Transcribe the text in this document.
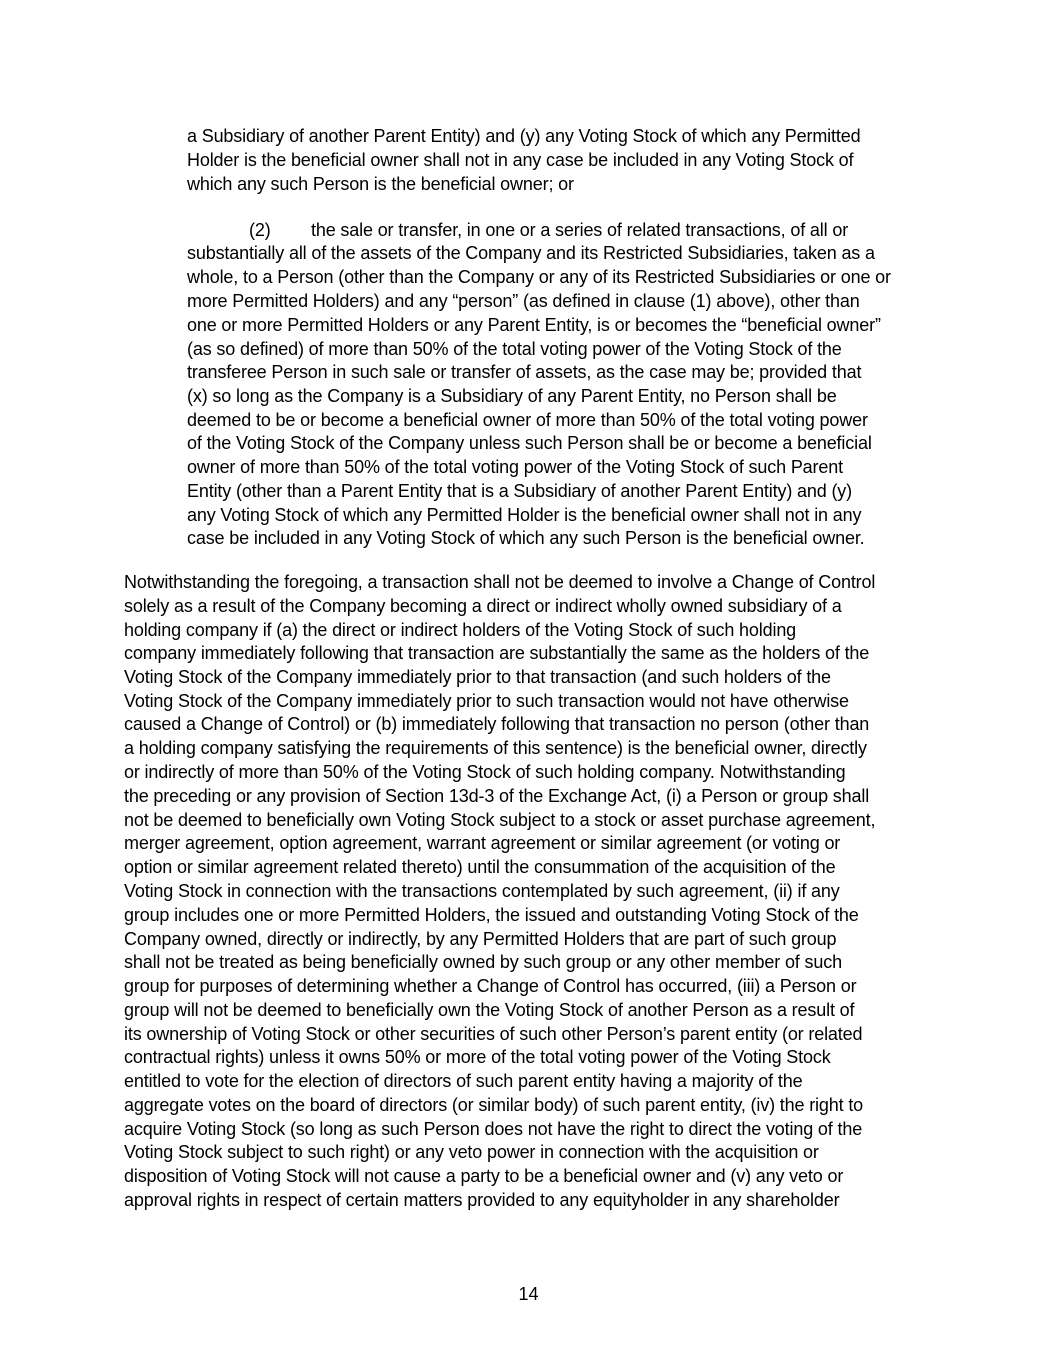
a Subsidiary of another Parent Entity) and (y) any Voting Stock of which any Permitted
Holder is the beneficial owner shall not in any case be included in any Voting Stock of
which any such Person is the beneficial owner; or
(2) the sale or transfer, in one or a series of related transactions, of all or
substantially all of the assets of the Company and its Restricted Subsidiaries, taken as a
whole, to a Person (other than the Company or any of its Restricted Subsidiaries or one or
more Permitted Holders) and any “person” (as defined in clause (1) above), other than
one or more Permitted Holders or any Parent Entity, is or becomes the “beneficial owner”
(as so defined) of more than 50% of the total voting power of the Voting Stock of the
transferee Person in such sale or transfer of assets, as the case may be; provided that
(x) so long as the Company is a Subsidiary of any Parent Entity, no Person shall be
deemed to be or become a beneficial owner of more than 50% of the total voting power
of the Voting Stock of the Company unless such Person shall be or become a beneficial
owner of more than 50% of the total voting power of the Voting Stock of such Parent
Entity (other than a Parent Entity that is a Subsidiary of another Parent Entity) and (y)
any Voting Stock of which any Permitted Holder is the beneficial owner shall not in any
case be included in any Voting Stock of which any such Person is the beneficial owner.
Notwithstanding the foregoing, a transaction shall not be deemed to involve a Change of Control
solely as a result of the Company becoming a direct or indirect wholly owned subsidiary of a
holding company if (a) the direct or indirect holders of the Voting Stock of such holding
company immediately following that transaction are substantially the same as the holders of the
Voting Stock of the Company immediately prior to that transaction (and such holders of the
Voting Stock of the Company immediately prior to such transaction would not have otherwise
caused a Change of Control) or (b) immediately following that transaction no person (other than
a holding company satisfying the requirements of this sentence) is the beneficial owner, directly
or indirectly of more than 50% of the Voting Stock of such holding company. Notwithstanding
the preceding or any provision of Section 13d-3 of the Exchange Act, (i) a Person or group shall
not be deemed to beneficially own Voting Stock subject to a stock or asset purchase agreement,
merger agreement, option agreement, warrant agreement or similar agreement (or voting or
option or similar agreement related thereto) until the consummation of the acquisition of the
Voting Stock in connection with the transactions contemplated by such agreement, (ii) if any
group includes one or more Permitted Holders, the issued and outstanding Voting Stock of the
Company owned, directly or indirectly, by any Permitted Holders that are part of such group
shall not be treated as being beneficially owned by such group or any other member of such
group for purposes of determining whether a Change of Control has occurred, (iii) a Person or
group will not be deemed to beneficially own the Voting Stock of another Person as a result of
its ownership of Voting Stock or other securities of such other Person’s parent entity (or related
contractual rights) unless it owns 50% or more of the total voting power of the Voting Stock
entitled to vote for the election of directors of such parent entity having a majority of the
aggregate votes on the board of directors (or similar body) of such parent entity, (iv) the right to
acquire Voting Stock (so long as such Person does not have the right to direct the voting of the
Voting Stock subject to such right) or any veto power in connection with the acquisition or
disposition of Voting Stock will not cause a party to be a beneficial owner and (v) any veto or
approval rights in respect of certain matters provided to any equityholder in any shareholder
14
